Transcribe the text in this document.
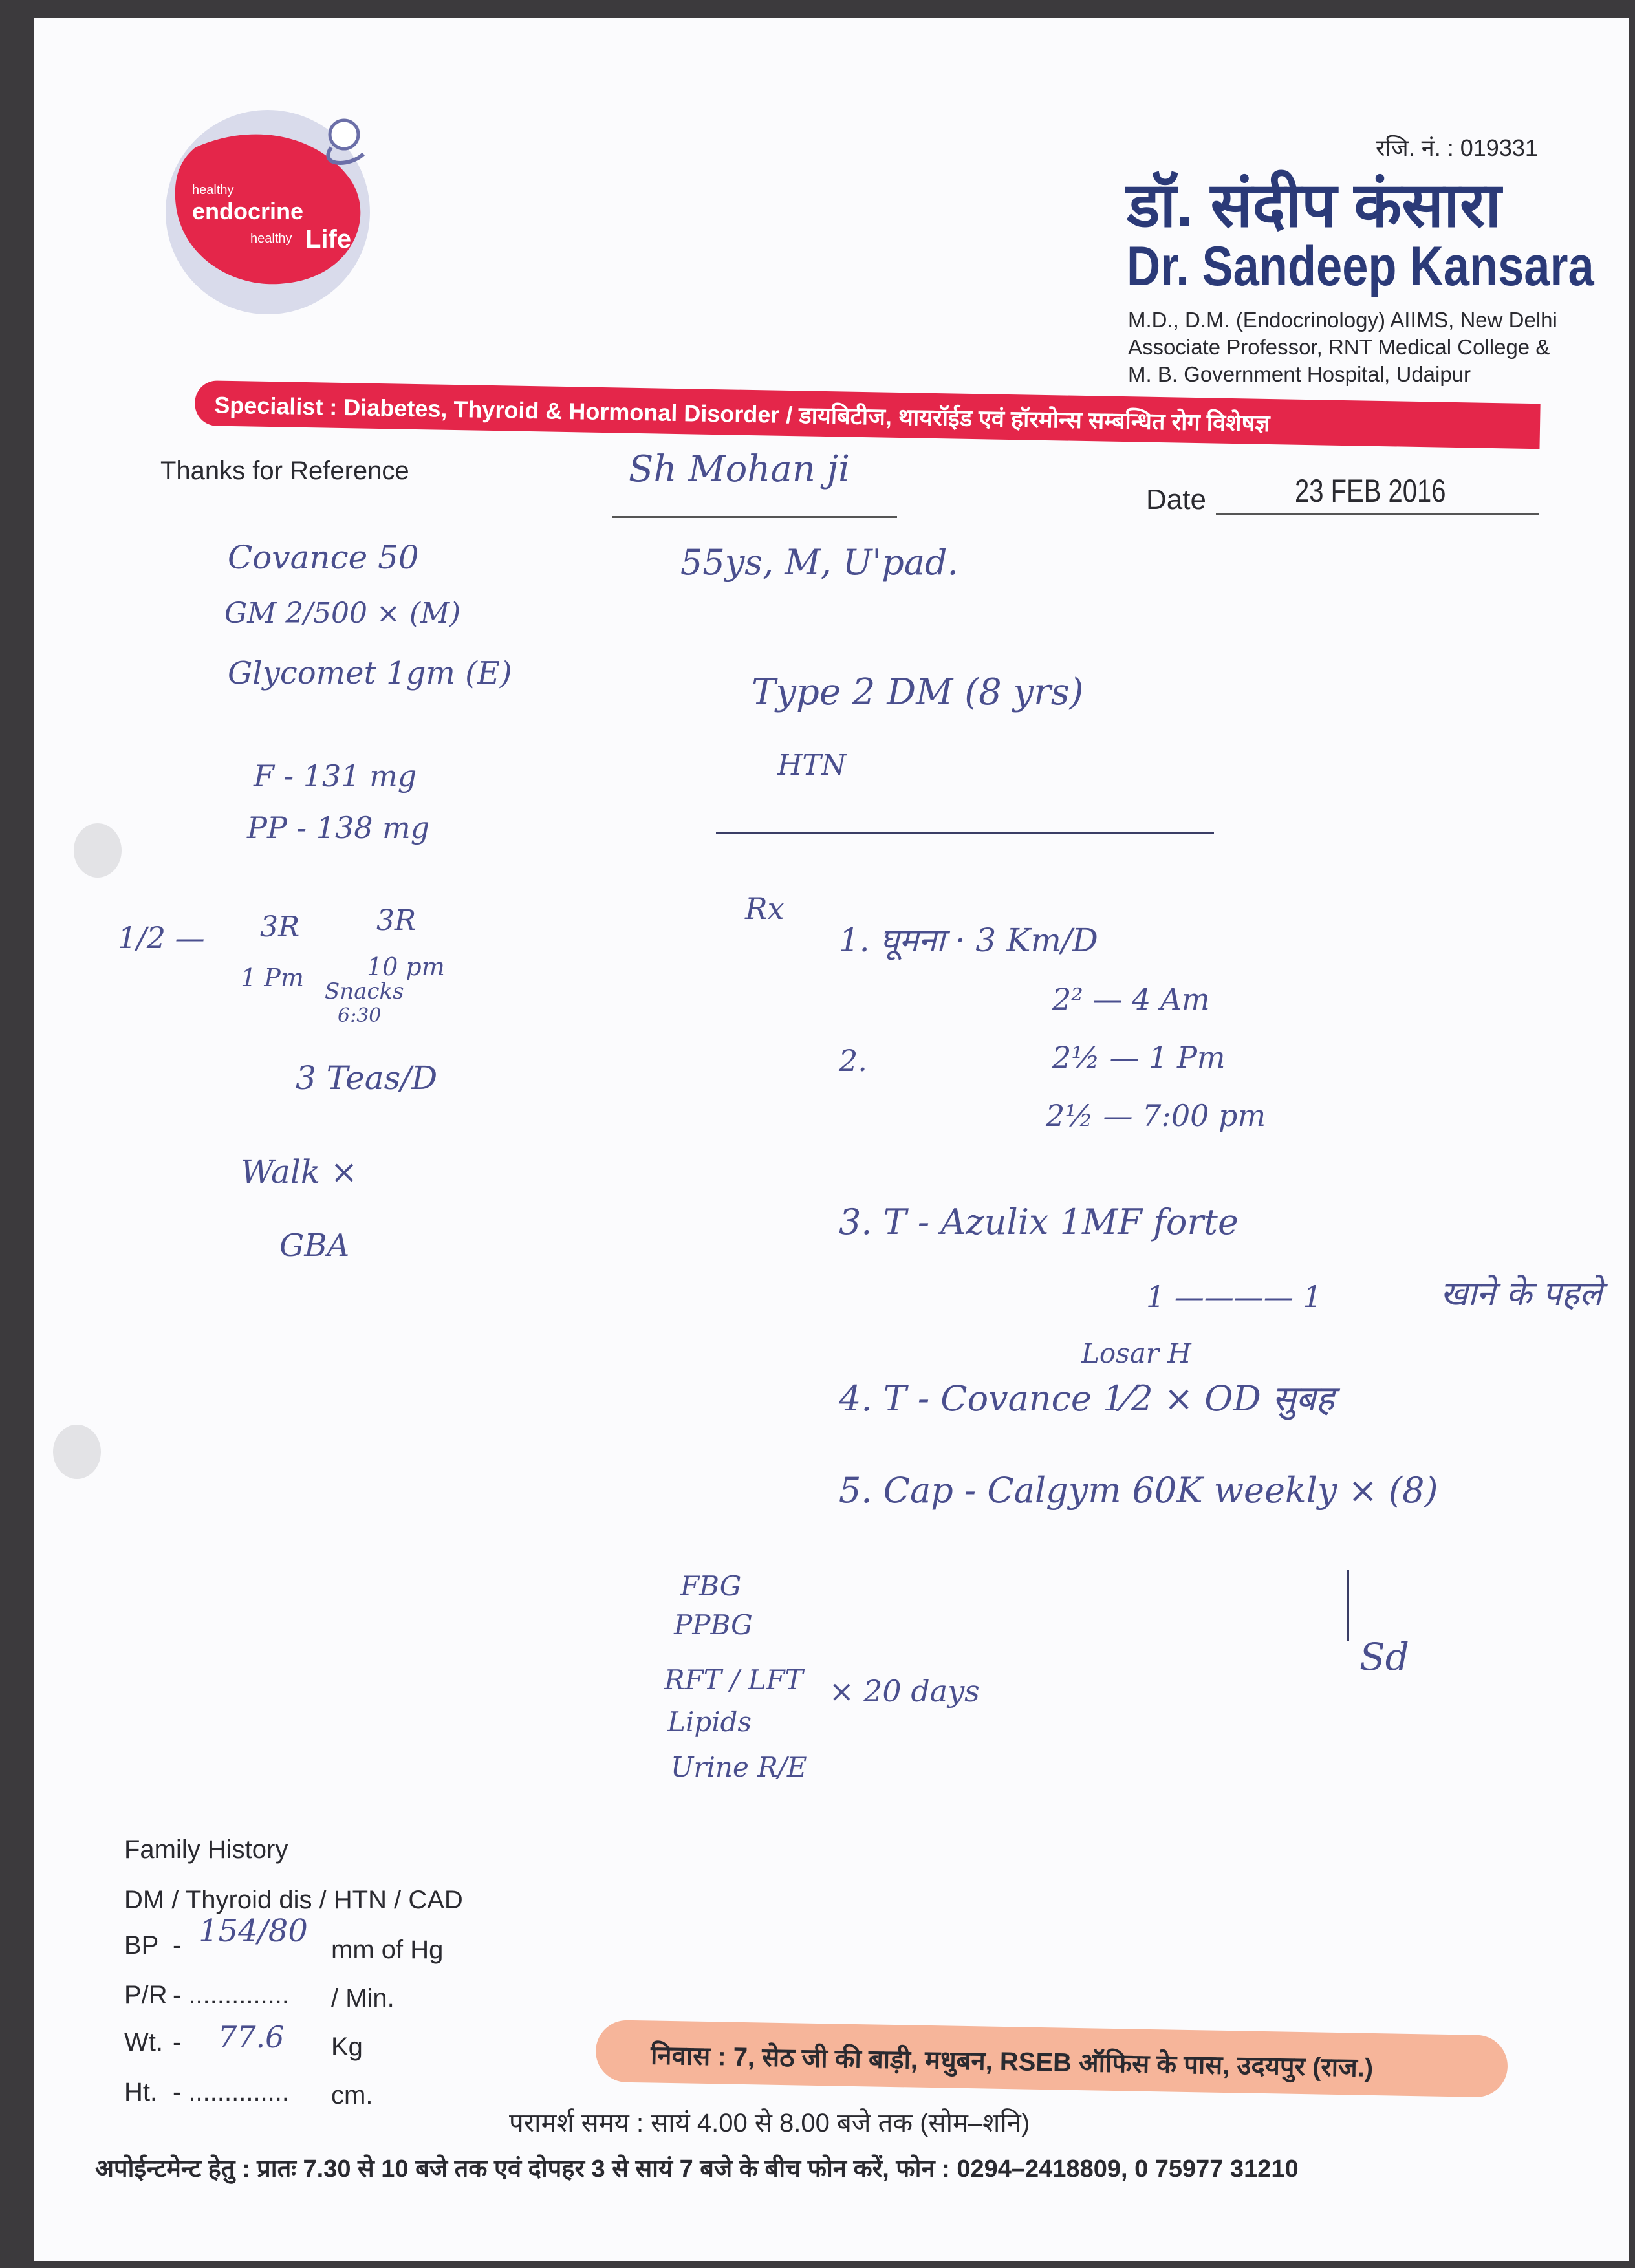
healthy
endocrine
healthy Life
रजि. नं. : 019331
डॉ. संदीप कंसारा
Dr. Sandeep Kansara
M.D., D.M. (Endocrinology) AIIMS, New Delhi
Associate Professor, RNT Medical College &
M. B. Government Hospital, Udaipur
Specialist : Diabetes, Thyroid & Hormonal Disorder / डायबिटीज, थायरॉईड एवं हॉरमोन्स सम्बन्धित रोग विशेषज्ञ
Thanks for Reference
Date	23 FEB 2016
Sh Mohan ji
55ys, M, U'pad.
Type 2 DM (8 yrs)
HTN
Covance 50
GM 2/500 × (M)
Glycomet 1gm (E)
F - 131 mg
PP - 138 mg
1/2 — 3R
1 Pm
3R
10 pm
Snacks
6:30
3 Teas/D
Walk ×
GBA
Rx
1. घूमना · 3 Km/D
2.
2² — 4 Am
2½ — 1 Pm
2½ — 7:00 pm
3. T - Azulix 1MF forte
1 ———— 1	खाने के पहले
Losar H
4. T - Covance 1⁄2 × OD सुबह
5. Cap - Calgym 60K weekly × (8)
FBG
PPBG
RFT / LFT
Lipids
Urine R/E
× 20 days
Sd
Family History
DM / Thyroid dis / HTN / CAD
BP - 154/80
mm of Hg
P/R - .............. / Min.
Wt. - 77.6 Kg
Ht. - .............. cm.
निवास : 7, सेठ जी की बाड़ी, मधुबन, RSEB ऑफिस के पास, उदयपुर (राज.)
परामर्श समय : सायं 4.00 से 8.00 बजे तक (सोम–शनि)
अपोईन्टमेन्ट हेतु : प्रातः 7.30 से 10 बजे तक एवं दोपहर 3 से सायं 7 बजे के बीच फोन करें, फोन : 0294–2418809, 0 75977 31210
